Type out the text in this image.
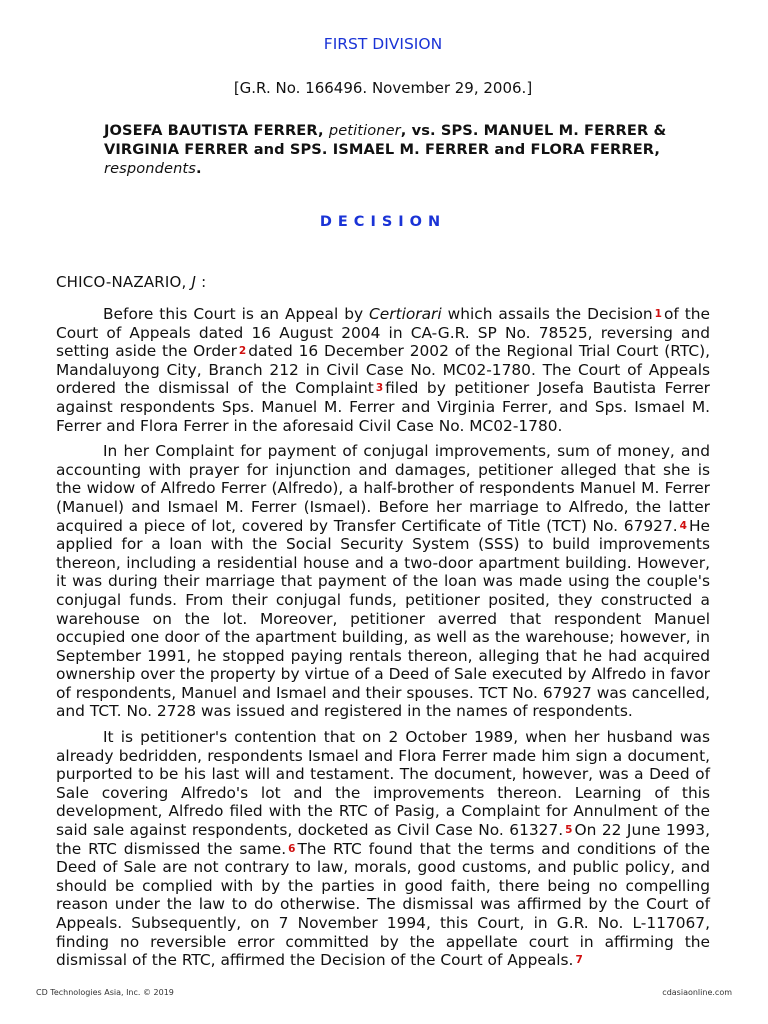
FIRST DIVISION
[G.R. No. 166496. November 29, 2006.]
JOSEFA BAUTISTA FERRER, petitioner, vs. SPS. MANUEL M. FERRER & VIRGINIA FERRER and SPS. ISMAEL M. FERRER and FLORA FERRER, respondents.
DECISION
CHICO-NAZARIO, J :

Before this Court is an Appeal by Certiorari which assails the Decision 1 of the Court of Appeals dated 16 August 2004 in CA-G.R. SP No. 78525, reversing and setting aside the Order 2 dated 16 December 2002 of the Regional Trial Court (RTC), Mandaluyong City, Branch 212 in Civil Case No. MC02-1780. The Court of Appeals ordered the dismissal of the Complaint 3 filed by petitioner Josefa Bautista Ferrer against respondents Sps. Manuel M. Ferrer and Virginia Ferrer, and Sps. Ismael M. Ferrer and Flora Ferrer in the aforesaid Civil Case No. MC02-1780.

In her Complaint for payment of conjugal improvements, sum of money, and accounting with prayer for injunction and damages, petitioner alleged that she is the widow of Alfredo Ferrer (Alfredo), a half-brother of respondents Manuel M. Ferrer (Manuel) and Ismael M. Ferrer (Ismael). Before her marriage to Alfredo, the latter acquired a piece of lot, covered by Transfer Certificate of Title (TCT) No. 67927. 4 He applied for a loan with the Social Security System (SSS) to build improvements thereon, including a residential house and a two-door apartment building. However, it was during their marriage that payment of the loan was made using the couple's conjugal funds. From their conjugal funds, petitioner posited, they constructed a warehouse on the lot. Moreover, petitioner averred that respondent Manuel occupied one door of the apartment building, as well as the warehouse; however, in September 1991, he stopped paying rentals thereon, alleging that he had acquired ownership over the property by virtue of a Deed of Sale executed by Alfredo in favor of respondents, Manuel and Ismael and their spouses. TCT No. 67927 was cancelled, and TCT. No. 2728 was issued and registered in the names of respondents.

It is petitioner's contention that on 2 October 1989, when her husband was already bedridden, respondents Ismael and Flora Ferrer made him sign a document, purported to be his last will and testament. The document, however, was a Deed of Sale covering Alfredo's lot and the improvements thereon. Learning of this development, Alfredo filed with the RTC of Pasig, a Complaint for Annulment of the said sale against respondents, docketed as Civil Case No. 61327. 5 On 22 June 1993, the RTC dismissed the same. 6 The RTC found that the terms and conditions of the Deed of Sale are not contrary to law, morals, good customs, and public policy, and should be complied with by the parties in good faith, there being no compelling reason under the law to do otherwise. The dismissal was affirmed by the Court of Appeals. Subsequently, on 7 November 1994, this Court, in G.R. No. L-117067, finding no reversible error committed by the appellate court in affirming the dismissal of the RTC, affirmed the Decision of the Court of Appeals. 7

CD Technologies Asia, Inc. © 2019	cdasiaonline.com
